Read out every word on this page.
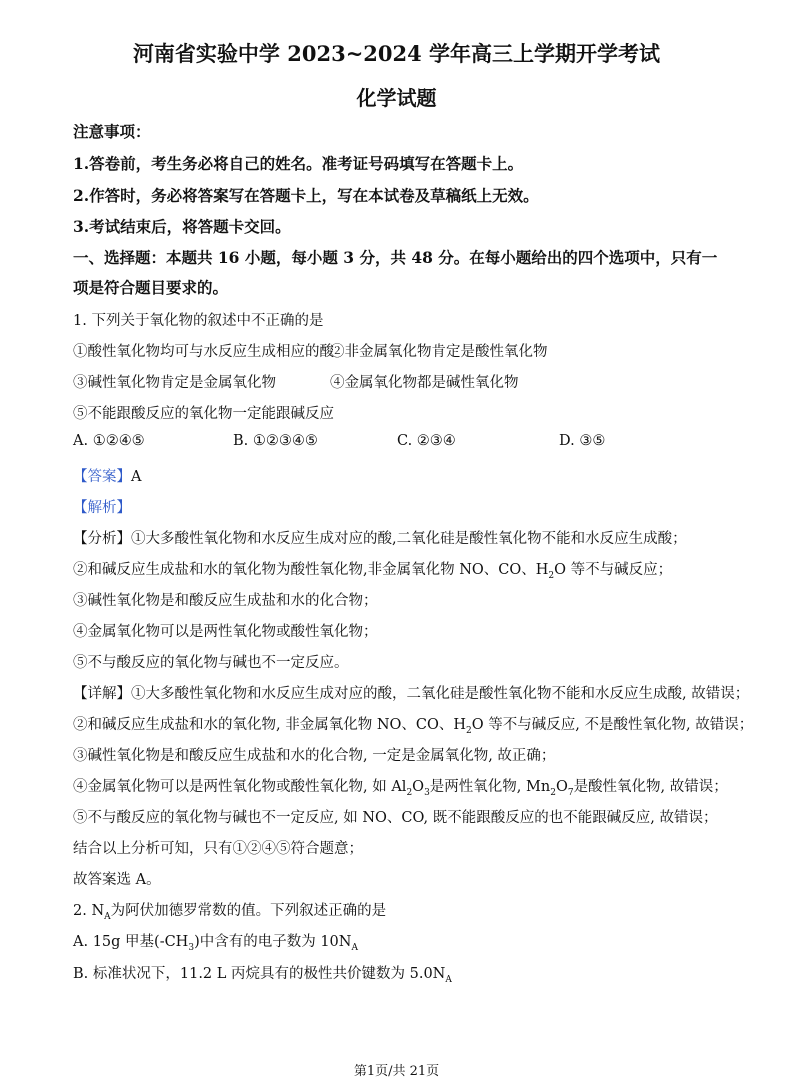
河南省实验中学 2023~2024 学年高三上学期开学考试
化学试题
注意事项：
1.答卷前，考生务必将自己的姓名。准考证号码填写在答题卡上。
2.作答时，务必将答案写在答题卡上，写在本试卷及草稿纸上无效。
3.考试结束后，将答题卡交回。
一、选择题：本题共 16 小题，每小题 3 分，共 48 分。在每小题给出的四个选项中，只有一
项是符合题目要求的。
1. 下列关于氧化物的叙述中不正确的是
①酸性氧化物均可与水反应生成相应的酸
②非金属氧化物肯定是酸性氧化物
③碱性氧化物肯定是金属氧化物	④金属氧化物都是碱性氧化物
⑤不能跟酸反应的氧化物一定能跟碱反应
A. ①②④⑤	B. ①②③④⑤	C. ②③④	D. ③⑤
【答案】A
【解析】
【分析】①大多酸性氧化物和水反应生成对应的酸,二氧化硅是酸性氧化物不能和水反应生成酸；
②和碱反应生成盐和水的氧化物为酸性氧化物,非金属氧化物 NO、CO、$H_2O$ 等不与碱反应；
③碱性氧化物是和酸反应生成盐和水的化合物；
④金属氧化物可以是两性氧化物或酸性氧化物；
⑤不与酸反应的氧化物与碱也不一定反应。
【详解】①大多酸性氧化物和水反应生成对应的酸，二氧化硅是酸性氧化物不能和水反应生成酸, 故错误；
②和碱反应生成盐和水的氧化物, 非金属氧化物 NO、CO、$H_2O$ 等不与碱反应, 不是酸性氧化物, 故错误；
③碱性氧化物是和酸反应生成盐和水的化合物, 一定是金属氧化物, 故正确；
④金属氧化物可以是两性氧化物或酸性氧化物, 如 $Al_2O_3$是两性氧化物, $Mn_2O_7$是酸性氧化物, 故错误；
⑤不与酸反应的氧化物与碱也不一定反应, 如 NO、CO, 既不能跟酸反应的也不能跟碱反应, 故错误；
结合以上分析可知，只有①②④⑤符合题意；
故答案选 A。
2. $N_A$为阿伏加德罗常数的值。下列叙述正确的是
A. 15g 甲基$(-CH_3)$中含有的电子数为 $10N_A$
B. 标准状况下，11.2 L 丙烷具有的极性共价键数为 $5.0N_A$
第1页/共 21页
